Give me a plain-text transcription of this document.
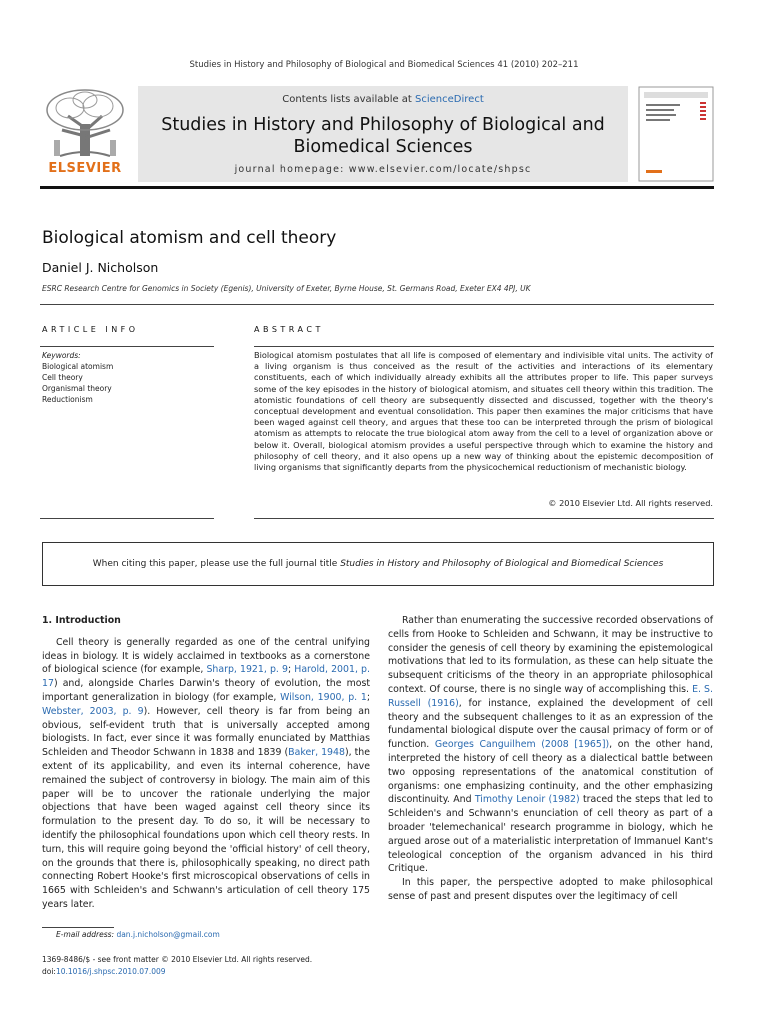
Studies in History and Philosophy of Biological and Biomedical Sciences 41 (2010) 202–211
ELSEVIER
Contents lists available at ScienceDirect
Studies in History and Philosophy of Biological and
Biomedical Sciences
journal homepage: www.elsevier.com/locate/shpsc
Biological atomism and cell theory
Daniel J. Nicholson
ESRC Research Centre for Genomics in Society (Egenis), University of Exeter, Byrne House, St. Germans Road, Exeter EX4 4PJ, UK
ARTICLE INFO	ABSTRACT
Keywords:
Biological atomism
Cell theory
Organismal theory
Reductionism
Biological atomism postulates that all life is composed of elementary and indivisible vital units. The activity of a living organism is thus conceived as the result of the activities and interactions of its elementary constituents, each of which individually already exhibits all the attributes proper to life. This paper surveys some of the key episodes in the history of biological atomism, and situates cell theory within this tradition. The atomistic foundations of cell theory are subsequently dissected and discussed, together with the theory's conceptual development and eventual consolidation. This paper then examines the major criticisms that have been waged against cell theory, and argues that these too can be interpreted through the prism of biological atomism as attempts to relocate the true biological atom away from the cell to a level of organization above or below it. Overall, biological atomism provides a useful perspective through which to examine the history and philosophy of cell theory, and it also opens up a new way of thinking about the epistemic decomposition of living organisms that significantly departs from the physicochemical reductionism of mechanistic biology.
© 2010 Elsevier Ltd. All rights reserved.
When citing this paper, please use the full journal title Studies in History and Philosophy of Biological and Biomedical Sciences
1. Introduction

Cell theory is generally regarded as one of the central unifying ideas in biology. It is widely acclaimed in textbooks as a cornerstone of biological science (for example, Sharp, 1921, p. 9; Harold, 2001, p. 17) and, alongside Charles Darwin's theory of evolution, the most important generalization in biology (for example, Wilson, 1900, p. 1; Webster, 2003, p. 9). However, cell theory is far from being an obvious, self-evident truth that is universally accepted among biologists. In fact, ever since it was formally enunciated by Matthias Schleiden and Theodor Schwann in 1838 and 1839 (Baker, 1948), the extent of its applicability, and even its internal coherence, have remained the subject of controversy in biology. The main aim of this paper will be to uncover the rationale underlying the major objections that have been waged against cell theory since its formulation to the present day. To do so, it will be necessary to identify the philosophical foundations upon which cell theory rests. In turn, this will require going beyond the 'official history' of cell theory, on the grounds that there is, philosophically speaking, no direct path connecting Robert Hooke's first microscopical observations of cells in 1665 with Schleiden's and Schwann's articulation of cell theory 175 years later.

Rather than enumerating the successive recorded observations of cells from Hooke to Schleiden and Schwann, it may be instructive to consider the genesis of cell theory by examining the epistemological motivations that led to its formulation, as these can help situate the subsequent criticisms of the theory in an appropriate philosophical context. Of course, there is no single way of accomplishing this. E. S. Russell (1916), for instance, explained the development of cell theory and the subsequent challenges to it as an expression of the fundamental biological dispute over the causal primacy of form or of function. Georges Canguilhem (2008 [1965]), on the other hand, interpreted the history of cell theory as a dialectical battle between two opposing representations of the anatomical constitution of organisms: one emphasizing continuity, and the other emphasizing discontinuity. And Timothy Lenoir (1982) traced the steps that led to Schleiden's and Schwann's enunciation of cell theory as part of a broader 'telemechanical' research programme in biology, which he argued arose out of a materialistic interpretation of Immanuel Kant's teleological conception of the organism advanced in his third Critique.

In this paper, the perspective adopted to make philosophical sense of past and present disputes over the legitimacy of cell

E-mail address: dan.j.nicholson@gmail.com
1369-8486/$ - see front matter © 2010 Elsevier Ltd. All rights reserved.
doi:10.1016/j.shpsc.2010.07.009
